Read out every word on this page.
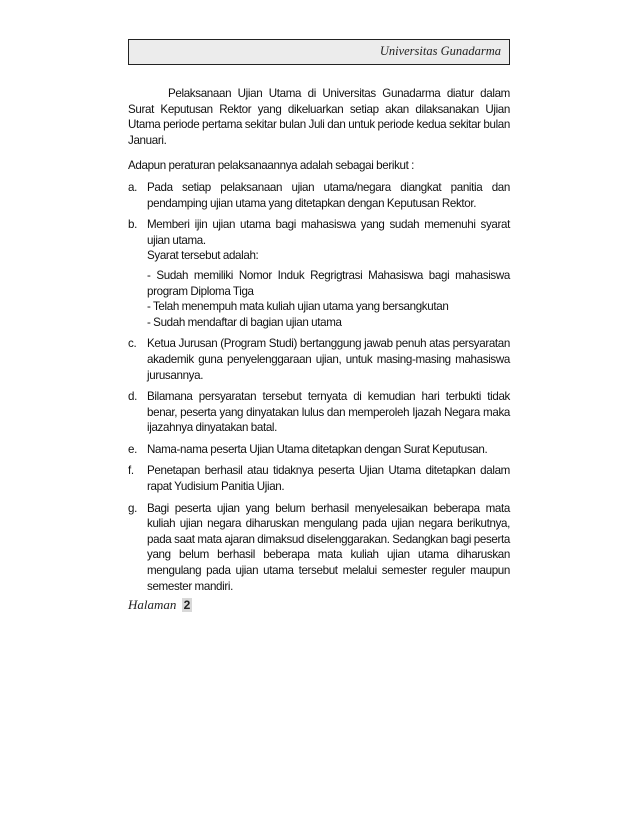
Universitas Gunadarma

Pelaksanaan Ujian Utama di Universitas Gunadarma diatur dalam Surat Keputusan Rektor yang dikeluarkan setiap akan dilaksanakan Ujian Utama periode pertama sekitar bulan Juli dan untuk periode kedua sekitar bulan Januari.

Adapun peraturan pelaksanaannya adalah sebagai berikut :

a. Pada setiap pelaksanaan ujian utama/negara diangkat panitia dan pendamping ujian utama yang ditetapkan dengan Keputusan Rektor.

b. Memberi ijin ujian utama bagi mahasiswa yang sudah memenuhi syarat ujian utama.

Syarat tersebut adalah:

- Sudah memiliki Nomor Induk Regrigtrasi Mahasiswa bagi mahasiswa program Diploma Tiga
- Telah menempuh mata kuliah ujian utama yang bersangkutan
- Sudah mendaftar di bagian ujian utama
c. Ketua Jurusan (Program Studi) bertanggung jawab penuh atas persyaratan akademik guna penyelenggaraan ujian, untuk masing-masing mahasiswa jurusannya.

d. Bilamana persyaratan tersebut ternyata di kemudian hari terbukti tidak benar, peserta yang dinyatakan lulus dan memperoleh Ijazah Negara maka ijazahnya dinyatakan batal.

e. Nama-nama peserta Ujian Utama ditetapkan dengan Surat Keputusan.

f.	Penetapan berhasil atau tidaknya peserta Ujian Utama ditetapkan dalam rapat Yudisium Panitia Ujian.

g. Bagi peserta ujian yang belum berhasil menyelesaikan beberapa mata kuliah ujian negara diharuskan mengulang pada ujian negara berikutnya, pada saat mata ajaran dimaksud diselenggarakan. Sedangkan bagi peserta yang belum berhasil beberapa mata kuliah ujian utama diharuskan mengulang pada ujian utama tersebut melalui semester reguler maupun semester mandiri.

Halaman 2
